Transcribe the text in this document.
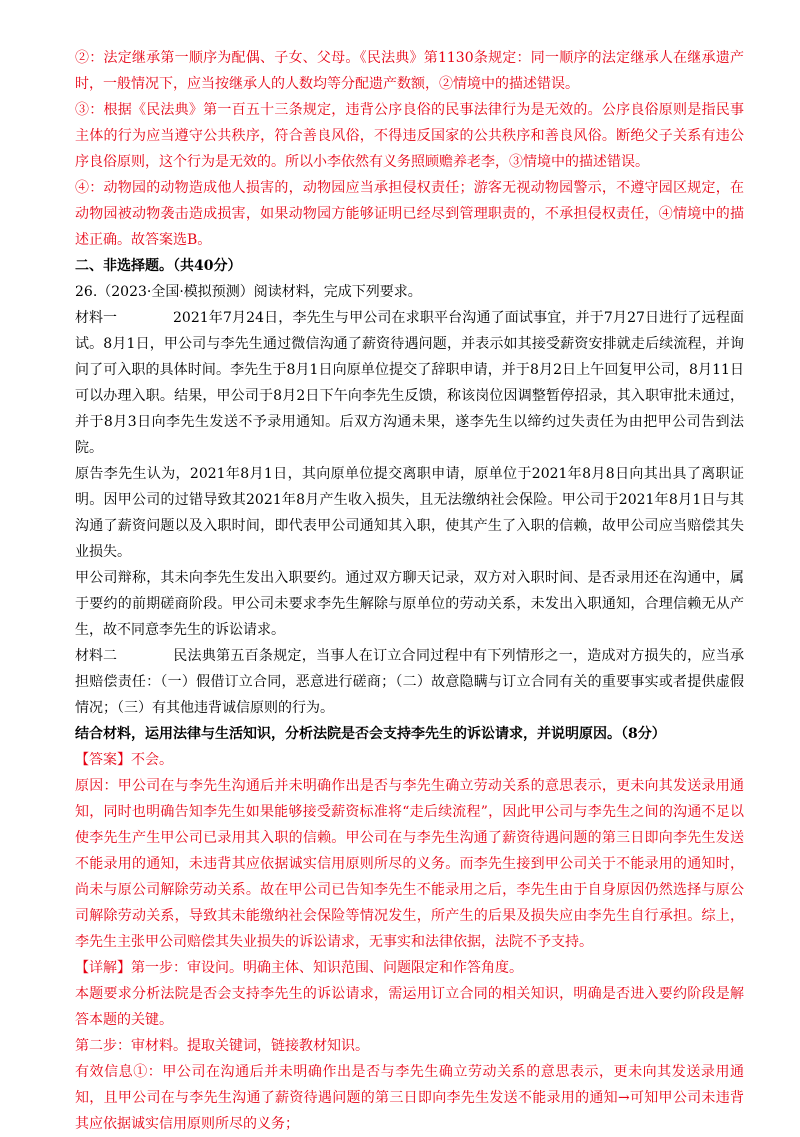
②：法定继承第一顺序为配偶、子女、父母。《民法典》第1130条规定：同一顺序的法定继承人在继承遗产时，一般情况下，应当按继承人的人数均等分配遗产数额，②情境中的描述错误。

③：根据《民法典》第一百五十三条规定，违背公序良俗的民事法律行为是无效的。公序良俗原则是指民事主体的行为应当遵守公共秩序，符合善良风俗，不得违反国家的公共秩序和善良风俗。断绝父子关系有违公序良俗原则，这个行为是无效的。所以小李依然有义务照顾赡养老李，③情境中的描述错误。

④：动物园的动物造成他人损害的，动物园应当承担侵权责任；游客无视动物园警示，不遵守园区规定，在动物园被动物袭击造成损害，如果动物园方能够证明已经尽到管理职责的，不承担侵权责任，④情境中的描述正确。故答案选B。

二、非选择题。（共40分）

26.（2023·全国·模拟预测）阅读材料，完成下列要求。

材料一	2021年7月24日，李先生与甲公司在求职平台沟通了面试事宜，并于7月27日进行了远程面试。8月1日，甲公司与李先生通过微信沟通了薪资待遇问题，并表示如其接受薪资安排就走后续流程，并询问了可入职的具体时间。李先生于8月1日向原单位提交了辞职申请，并于8月2日上午回复甲公司，8月11日可以办理入职。结果，甲公司于8月2日下午向李先生反馈，称该岗位因调整暂停招录，其入职审批未通过，并于8月3日向李先生发送不予录用通知。后双方沟通未果，遂李先生以缔约过失责任为由把甲公司告到法院。

原告李先生认为，2021年8月1日，其向原单位提交离职申请，原单位于2021年8月8日向其出具了离职证明。因甲公司的过错导致其2021年8月产生收入损失，且无法缴纳社会保险。甲公司于2021年8月1日与其沟通了薪资问题以及入职时间，即代表甲公司通知其入职，使其产生了入职的信赖，故甲公司应当赔偿其失业损失。

甲公司辩称，其未向李先生发出入职要约。通过双方聊天记录，双方对入职时间、是否录用还在沟通中，属于要约的前期磋商阶段。甲公司未要求李先生解除与原单位的劳动关系，未发出入职通知，合理信赖无从产生，故不同意李先生的诉讼请求。

材料二	民法典第五百条规定，当事人在订立合同过程中有下列情形之一，造成对方损失的，应当承担赔偿责任：（一）假借订立合同，恶意进行磋商；（二）故意隐瞒与订立合同有关的重要事实或者提供虚假情况；（三）有其他违背诚信原则的行为。

结合材料，运用法律与生活知识，分析法院是否会支持李先生的诉讼请求，并说明原因。（8分）

【答案】不会。

原因：甲公司在与李先生沟通后并未明确作出是否与李先生确立劳动关系的意思表示，更未向其发送录用通知，同时也明确告知李先生如果能够接受薪资标准将“走后续流程”，因此甲公司与李先生之间的沟通不足以使李先生产生甲公司已录用其入职的信赖。甲公司在与李先生沟通了薪资待遇问题的第三日即向李先生发送不能录用的通知，未违背其应依据诚实信用原则所尽的义务。而李先生接到甲公司关于不能录用的通知时，尚未与原公司解除劳动关系。故在甲公司已告知李先生不能录用之后，李先生由于自身原因仍然选择与原公司解除劳动关系，导致其未能缴纳社会保险等情况发生，所产生的后果及损失应由李先生自行承担。综上，李先生主张甲公司赔偿其失业损失的诉讼请求，无事实和法律依据，法院不予支持。

【详解】第一步：审设问。明确主体、知识范围、问题限定和作答角度。

本题要求分析法院是否会支持李先生的诉讼请求，需运用订立合同的相关知识，明确是否进入要约阶段是解答本题的关键。

第二步：审材料。提取关键词，链接教材知识。

有效信息①：甲公司在沟通后并未明确作出是否与李先生确立劳动关系的意思表示，更未向其发送录用通知，且甲公司在与李先生沟通了薪资待遇问题的第三日即向李先生发送不能录用的通知→可知甲公司未违背其应依据诚实信用原则所尽的义务；
